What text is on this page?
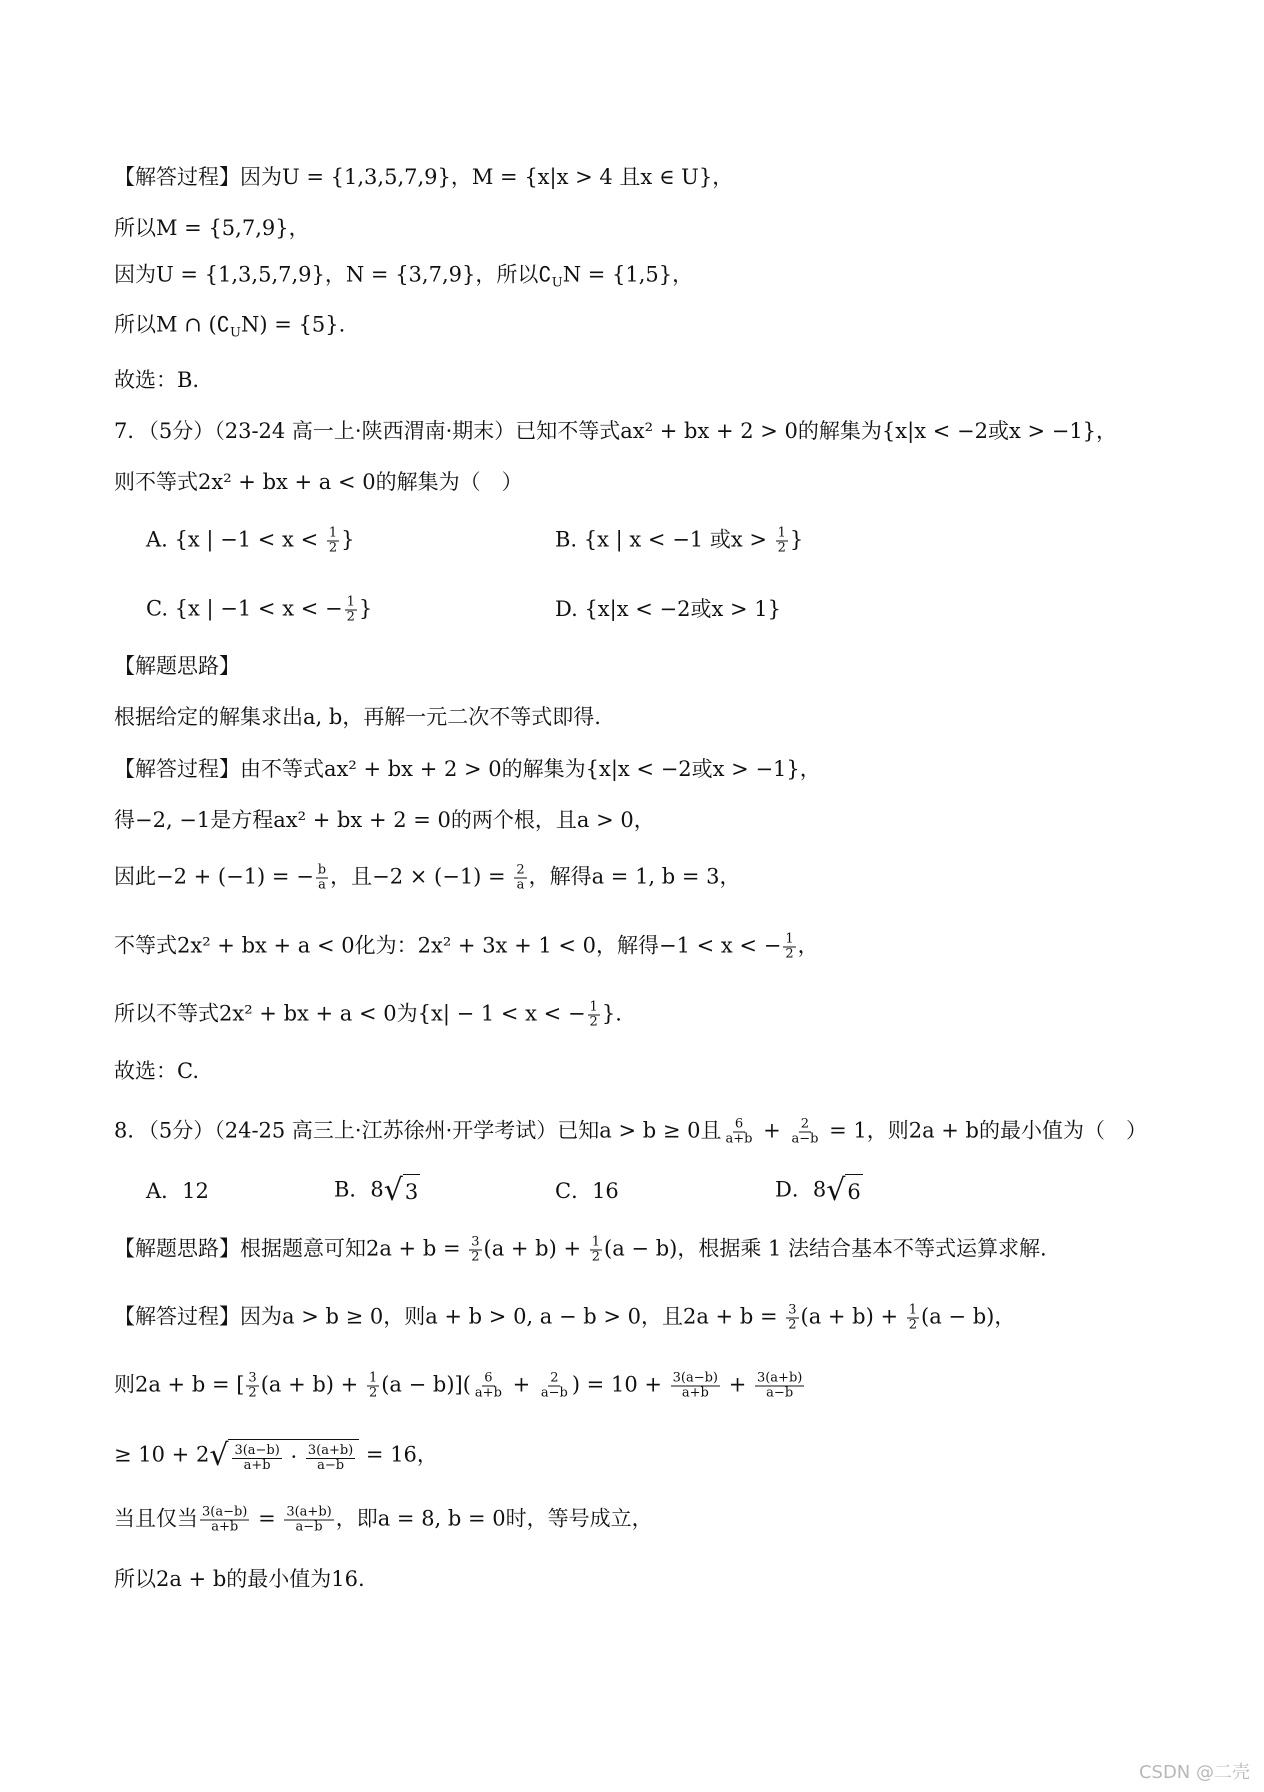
【解答过程】因为U = {1,3,5,7,9}，M = {x|x > 4 且x ∈ U}，
所以M = {5,7,9}，
因为U = {1,3,5,7,9}，N = {3,7,9}，所以$∁_UN = \{1,5\}$，
所以M ∩ $(∁_UN) = \{5\}$.
故选：B.
7．（5分）（23-24 高一上·陕西渭南·期末）已知不等式ax² + bx + 2 > 0的解集为{x|x < −2或x > −1}，
则不等式2x² + bx + a < 0的解集为（　）
【解题思路】
根据给定的解集求出a, b，再解一元二次不等式即得.
【解答过程】由不等式ax² + bx + 2 > 0的解集为{x|x < −2或x > −1}，
得−2, −1是方程ax² + bx + 2 = 0的两个根，且a > 0，
因此−2 + (−1) = − $\frac{b}{a}$ ，且$-2 \times (-1) = \frac{2}{a}$ ，解得a = 1, b = 3，
不等式2x² + bx + a < 0化为：2x² + 3x + 1 < 0，解得−1 < x < − $\frac{1}{2}$ ，
所以不等式2x² + bx + a < 0为{x| − 1 < x < − $\frac{1}{2}$ }.
故选：C.
8．（5分）（24-25 高三上·江苏徐州·开学考试）已知a > b ≥ 0且 $\frac{6}{a+b} + \frac{2}{a-b} = 1$，则2a + b的最小值为（　）
【解题思路】根据题意可知$2a + b = \frac{3}{2} (a + b) + \frac{1}{2} (a - b)$，根据乘 1 法结合基本不等式运算求解.
【解答过程】因为a > b ≥ 0，则a + b > 0, a − b > 0，且$2a + b = \frac{3}{2} (a + b) + \frac{1}{2} (a - b)$，
则2a + b = [ $\frac{3}{2} (a + b) + \frac{1}{2} (a - b)]( \frac{6}{a+b} + \frac{2}{a-b}$ ) = $10 + \frac{3(a-b)}{a+b} + \frac{3(a+b)}{a-b}$
≥ 10 + 2 √ $\frac{3(a-b)}{a+b} \cdot \frac{3(a+b)}{a-b} = 16$，
当且仅当 $\frac{3(a-b)}{a+b} = \frac{3(a+b)}{a-b}$ ，即a = 8, b = 0时，等号成立，
所以2a + b的最小值为16.
A. {x | $-1 < x < \frac{1}{2}$ }	B. {x | x < −1 或$x > \frac{1}{2}$ }
C. {x | −1 < x < − $\frac{1}{2}$ }	D. {x|x < −2或x > 1}
A．12	B．8 √ 3	C．16	D．8 √ 6
CSDN @二壳
